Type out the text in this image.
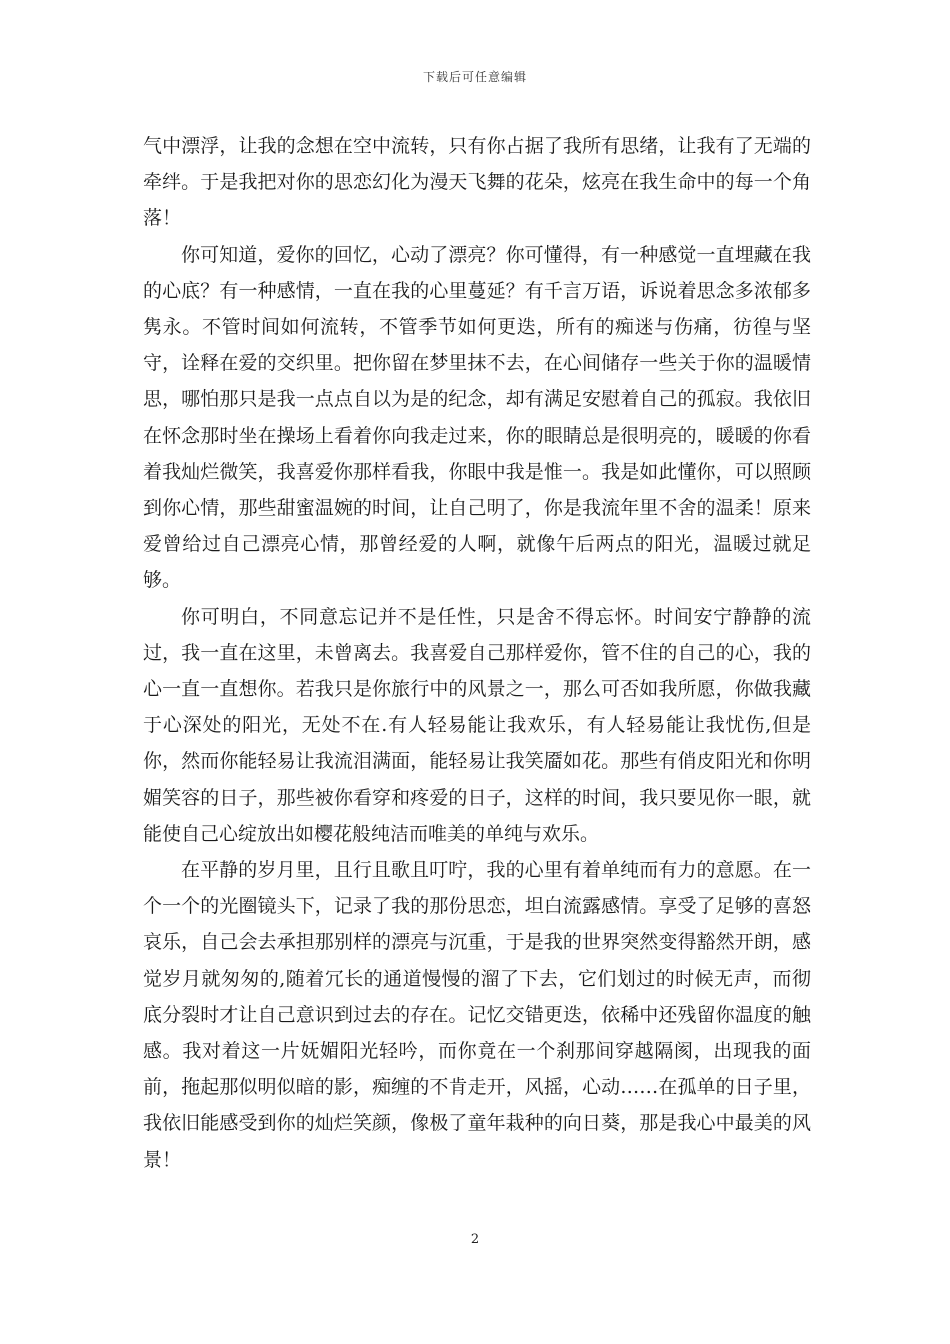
下载后可任意编辑

气中漂浮，让我的念想在空中流转，只有你占据了我所有思绪，让我有了无端的牵绊。于是我把对你的思恋幻化为漫天飞舞的花朵，炫亮在我生命中的每一个角落！

你可知道，爱你的回忆，心动了漂亮？你可懂得，有一种感觉一直埋藏在我的心底？有一种感情，一直在我的心里蔓延？有千言万语，诉说着思念多浓郁多隽永。不管时间如何流转，不管季节如何更迭，所有的痴迷与伤痛，彷徨与坚守，诠释在爱的交织里。把你留在梦里抹不去，在心间储存一些关于你的温暖情思，哪怕那只是我一点点自以为是的纪念，却有满足安慰着自己的孤寂。我依旧在怀念那时坐在操场上看着你向我走过来，你的眼睛总是很明亮的，暖暖的你看着我灿烂微笑，我喜爱你那样看我，你眼中我是惟一。我是如此懂你，可以照顾到你心情，那些甜蜜温婉的时间，让自己明了，你是我流年里不舍的温柔！原来爱曾给过自己漂亮心情，那曾经爱的人啊，就像午后两点的阳光，温暖过就足够。

你可明白，不同意忘记并不是任性，只是舍不得忘怀。时间安宁静静的流过，我一直在这里，未曾离去。我喜爱自己那样爱你，管不住的自己的心，我的心一直一直想你。若我只是你旅行中的风景之一，那么可否如我所愿，你做我藏于心深处的阳光，无处不在.有人轻易能让我欢乐，有人轻易能让我忧伤,但是你，然而你能轻易让我流泪满面，能轻易让我笑靥如花。那些有俏皮阳光和你明媚笑容的日子，那些被你看穿和疼爱的日子，这样的时间，我只要见你一眼，就能使自己心绽放出如樱花般纯洁而唯美的单纯与欢乐。

在平静的岁月里，且行且歌且叮咛，我的心里有着单纯而有力的意愿。在一个一个的光圈镜头下，记录了我的那份思恋，坦白流露感情。享受了足够的喜怒哀乐，自己会去承担那别样的漂亮与沉重，于是我的世界突然变得豁然开朗，感觉岁月就匆匆的,随着冗长的通道慢慢的溜了下去，它们划过的时候无声，而彻底分裂时才让自己意识到过去的存在。记忆交错更迭，依稀中还残留你温度的触感。我对着这一片妩媚阳光轻吟，而你竟在一个刹那间穿越隔阂，出现我的面前，拖起那似明似暗的影，痴缠的不肯走开，风摇，心动……在孤单的日子里，我依旧能感受到你的灿烂笑颜，像极了童年栽种的向日葵，那是我心中最美的风景！

2
